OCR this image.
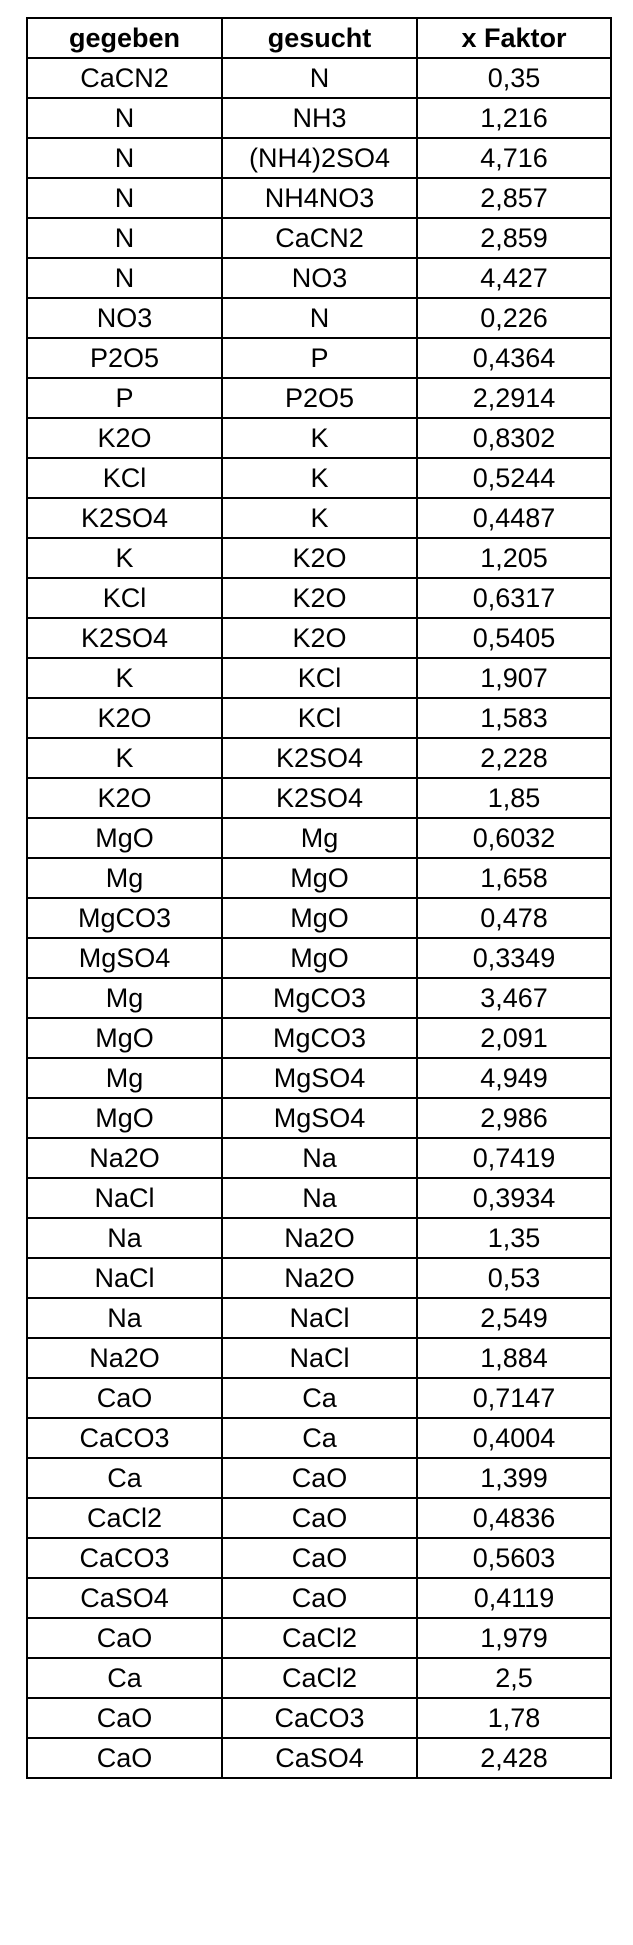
gegeben	gesucht	x Faktor
CaCN2	N	0,35
N	NH3	1,216
N	(NH4)2SO4	4,716
N	NH4NO3	2,857
N	CaCN2	2,859
N	NO3	4,427
NO3	N	0,226
P2O5	P	0,4364
P	P2O5	2,2914
K2O	K	0,8302
KCl	K	0,5244
K2SO4	K	0,4487
K	K2O	1,205
KCl	K2O	0,6317
K2SO4	K2O	0,5405
K	KCl	1,907
K2O	KCl	1,583
K	K2SO4	2,228
K2O	K2SO4	1,85
MgO	Mg	0,6032
Mg	MgO	1,658
MgCO3	MgO	0,478
MgSO4	MgO	0,3349
Mg	MgCO3	3,467
MgO	MgCO3	2,091
Mg	MgSO4	4,949
MgO	MgSO4	2,986
Na2O	Na	0,7419
NaCl	Na	0,3934
Na	Na2O	1,35
NaCl	Na2O	0,53
Na	NaCl	2,549
Na2O	NaCl	1,884
CaO	Ca	0,7147
CaCO3	Ca	0,4004
Ca	CaO	1,399
CaCl2	CaO	0,4836
CaCO3	CaO	0,5603
CaSO4	CaO	0,4119
CaO	CaCl2	1,979
Ca	CaCl2	2,5
CaO	CaCO3	1,78
CaO	CaSO4	2,428
